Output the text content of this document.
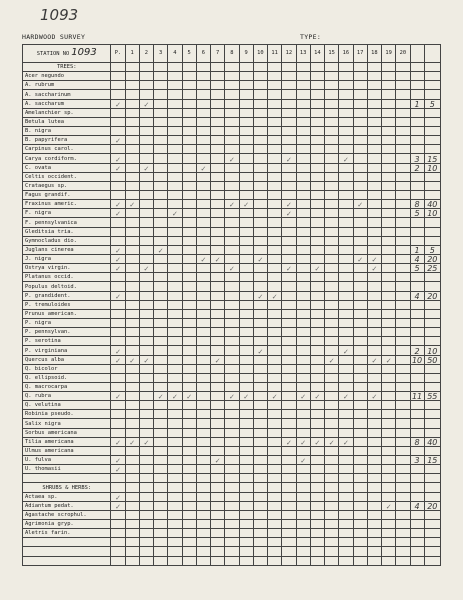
1093
HARDWOOD SURVEY	TYPE:
STATION NO 1093	P.	1	2	3	4	5	6	7	8	9	10	11	12	13	14	15	16	17	18	19	20		
TREES:																							
Acer negundo																							
A. rubrum																							
A. saccharinum																							
A. saccharum	✓		✓																			1	5

Amelanchier sp.																							
Betula lutea																							
B. nigra																							
B. papyrifera	✓																						

Carpinus carol.																							
Carya cordiform.	✓								✓				✓				✓					3	15

C. ovata	✓		✓				✓															2	10

Celtis occident.																							
Crataegus sp.																							
Fagus grandif.																							
Fraxinus americ.	✓	✓							✓	✓			✓					✓				8	40

F. nigra	✓				✓								✓									5	10

F. pennsylvanica																							
Gleditsia tria.																							
Gymnocladus dio.																							
Juglans cinerea	✓			✓																		1	5

J. nigra	✓						✓	✓			✓							✓	✓			4	20

Ostrya virgin.	✓		✓						✓				✓		✓				✓			5	25

Platanus occid.																							
Populus deltoid.																							
P. grandident.	✓										✓	✓										4	20

P. tremuloides																							
Prunus american.																							
P. nigra																							
P. pennsylvan.																							
P. serotina																							
P. virginiana	✓										✓						✓					2	10

Quercus alba	✓	✓	✓					✓								✓			✓	✓		10	50

Q. bicolor																							
Q. ellipsoid.																							
Q. macrocarpa																							
Q. rubra	✓			✓	✓	✓			✓	✓		✓		✓	✓		✓		✓			11	55

Q. velutina																							
Robinia pseudo.																							
Salix nigra																							
Sorbus americana																							
Tilia americana	✓	✓	✓										✓	✓	✓	✓	✓					8	40

Ulmus americana																							
U. fulva	✓							✓						✓								3	15

U. thomasii	✓																						

SHRUBS & HERBS:																							
Actaea sp.	✓																						

Adiantum pedat.	✓																			✓		4	20

Agastache scrophul.																							
Agrimonia gryp.																							
Aletris farin.																							
